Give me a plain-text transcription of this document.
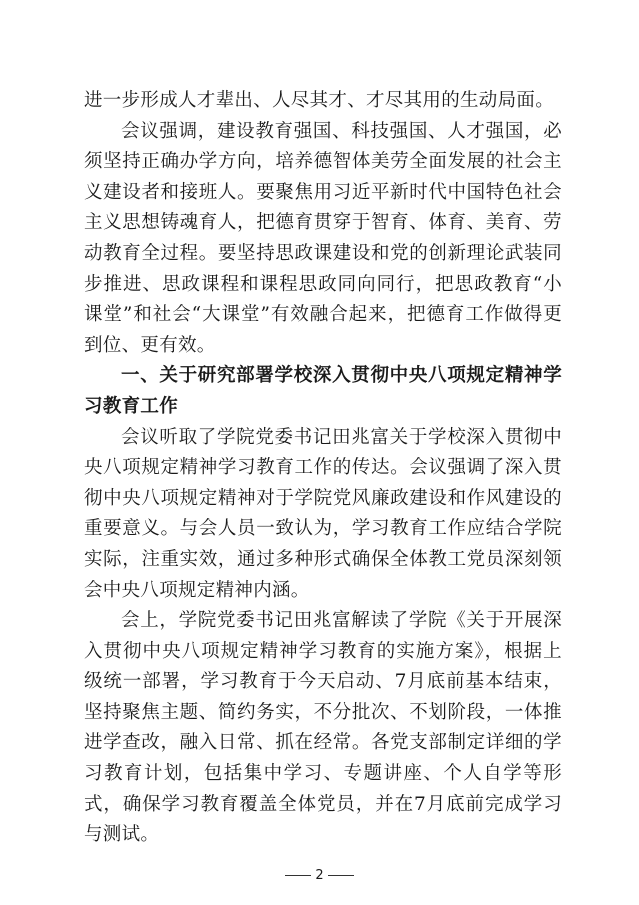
进一步形成人才辈出、人尽其才、才尽其用的生动局面。

会议强调，建设教育强国、科技强国、人才强国，必须坚持正确办学方向，培养德智体美劳全面发展的社会主义建设者和接班人。要聚焦用习近平新时代中国特色社会主义思想铸魂育人，把德育贯穿于智育、体育、美育、劳动教育全过程。要坚持思政课建设和党的创新理论武装同步推进、思政课程和课程思政同向同行，把思政教育“小课堂”和社会“大课堂”有效融合起来，把德育工作做得更到位、更有效。

一、关于研究部署学校深入贯彻中央八项规定精神学习教育工作

会议听取了学院党委书记田兆富关于学校深入贯彻中央八项规定精神学习教育工作的传达。会议强调了深入贯彻中央八项规定精神对于学院党风廉政建设和作风建设的重要意义。与会人员一致认为，学习教育工作应结合学院实际，注重实效，通过多种形式确保全体教工党员深刻领会中央八项规定精神内涵。

会上，学院党委书记田兆富解读了学院《关于开展深入贯彻中央八项规定精神学习教育的实施方案》，根据上级统一部署，学习教育于今天启动、7月底前基本结束，坚持聚焦主题、简约务实，不分批次、不划阶段，一体推进学查改，融入日常、抓在经常。各党支部制定详细的学习教育计划，包括集中学习、专题讲座、个人自学等形式，确保学习教育覆盖全体党员，并在7月底前完成学习与测试。

2
